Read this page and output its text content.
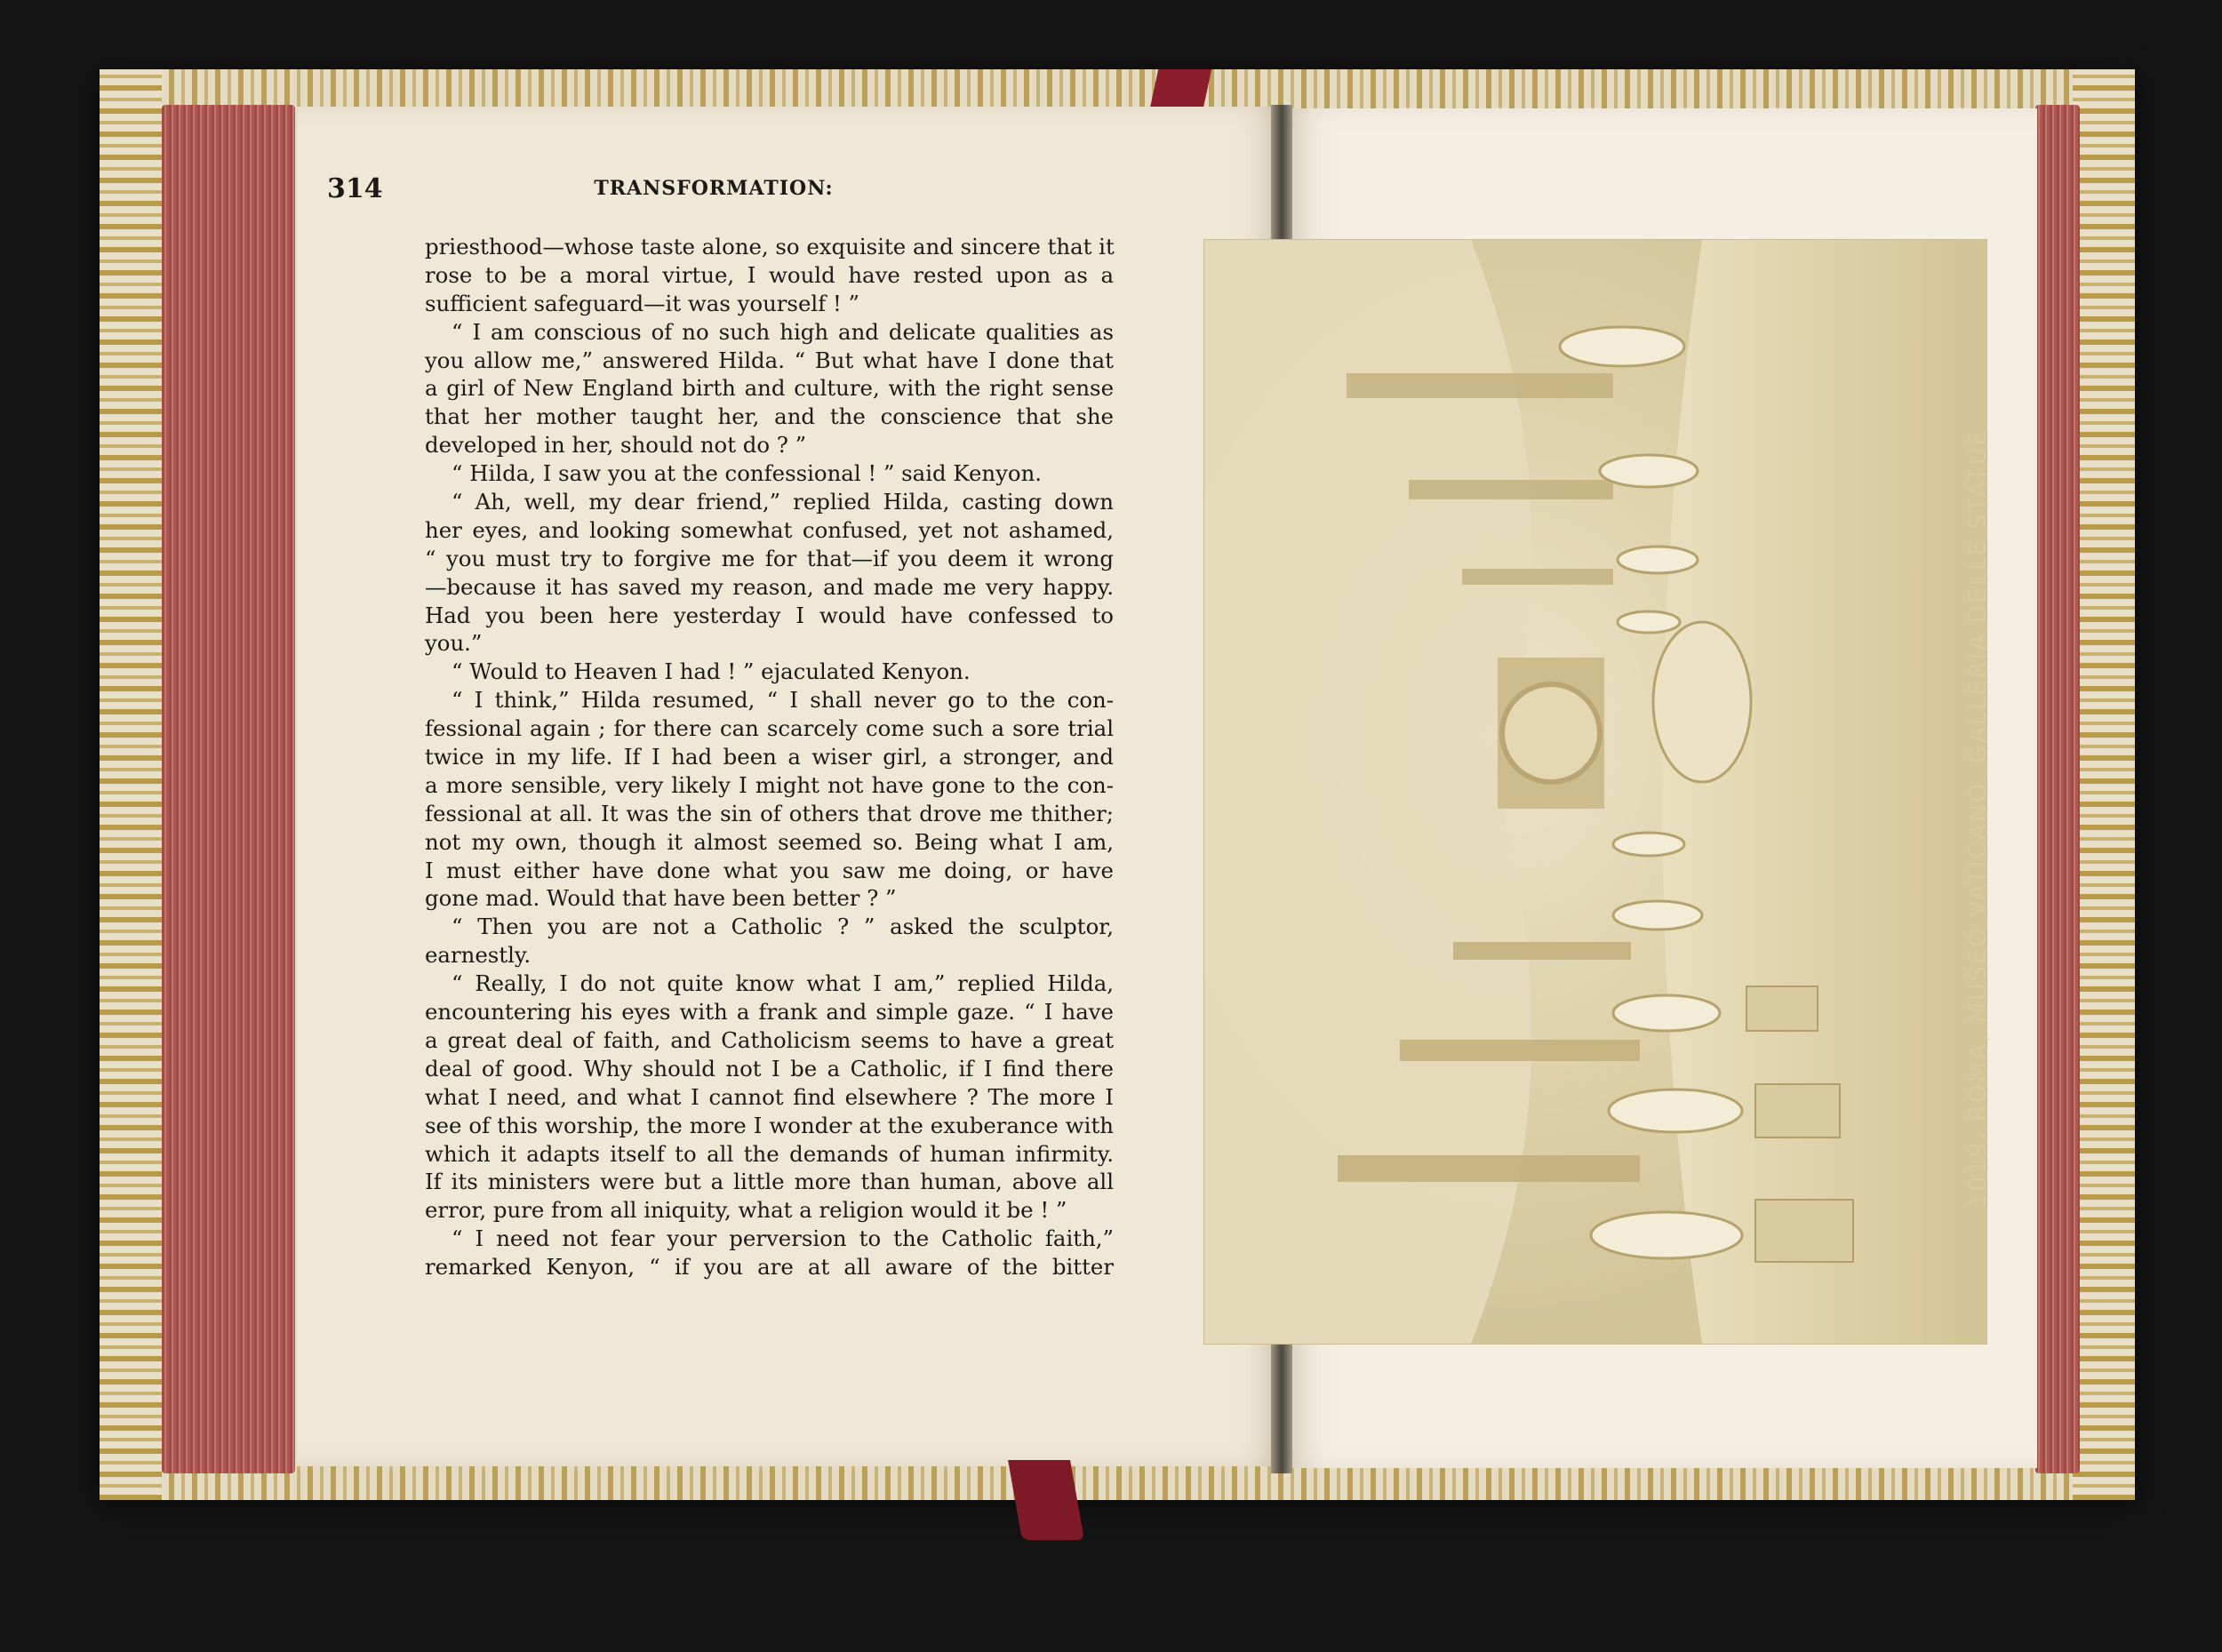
314	TRANSFORMATION:
priesthood—whose taste alone, so exquisite and sincere that it
rose to be a moral virtue, I would have rested upon as a
sufficient safeguard—it was yourself ! ”
“ I am conscious of no such high and delicate qualities as
you allow me,” answered Hilda. “ But what have I done that
a girl of New England birth and culture, with the right sense
that her mother taught her, and the conscience that she
developed in her, should not do ? ”
“ Hilda, I saw you at the confessional ! ” said Kenyon.
“ Ah, well, my dear friend,” replied Hilda, casting down
her eyes, and looking somewhat confused, yet not ashamed,
“ you must try to forgive me for that—if you deem it wrong
—because it has saved my reason, and made me very happy.
Had you been here yesterday I would have confessed to
you.”
“ Would to Heaven I had ! ” ejaculated Kenyon.
“ I think,” Hilda resumed, “ I shall never go to the con-
fessional again ; for there can scarcely come such a sore trial
twice in my life. If I had been a wiser girl, a stronger, and
a more sensible, very likely I might not have gone to the con-
fessional at all. It was the sin of others that drove me thither;
not my own, though it almost seemed so. Being what I am,
I must either have done what you saw me doing, or have
gone mad. Would that have been better ? ”
“ Then you are not a Catholic ? ” asked the sculptor,
earnestly.
“ Really, I do not quite know what I am,” replied Hilda,
encountering his eyes with a frank and simple gaze. “ I have
a great deal of faith, and Catholicism seems to have a great
deal of good. Why should not I be a Catholic, if I find there
what I need, and what I cannot find elsewhere ? The more I
see of this worship, the more I wonder at the exuberance with
which it adapts itself to all the demands of human infirmity.
If its ministers were but a little more than human, above all
error, pure from all iniquity, what a religion would it be ! ”
“ I need not fear your perversion to the Catholic faith,”
remarked Kenyon, “ if you are at all aware of the bitter
1019. ROMA, MUSEO VATICANO. GALLERIA DELLE STATUE
